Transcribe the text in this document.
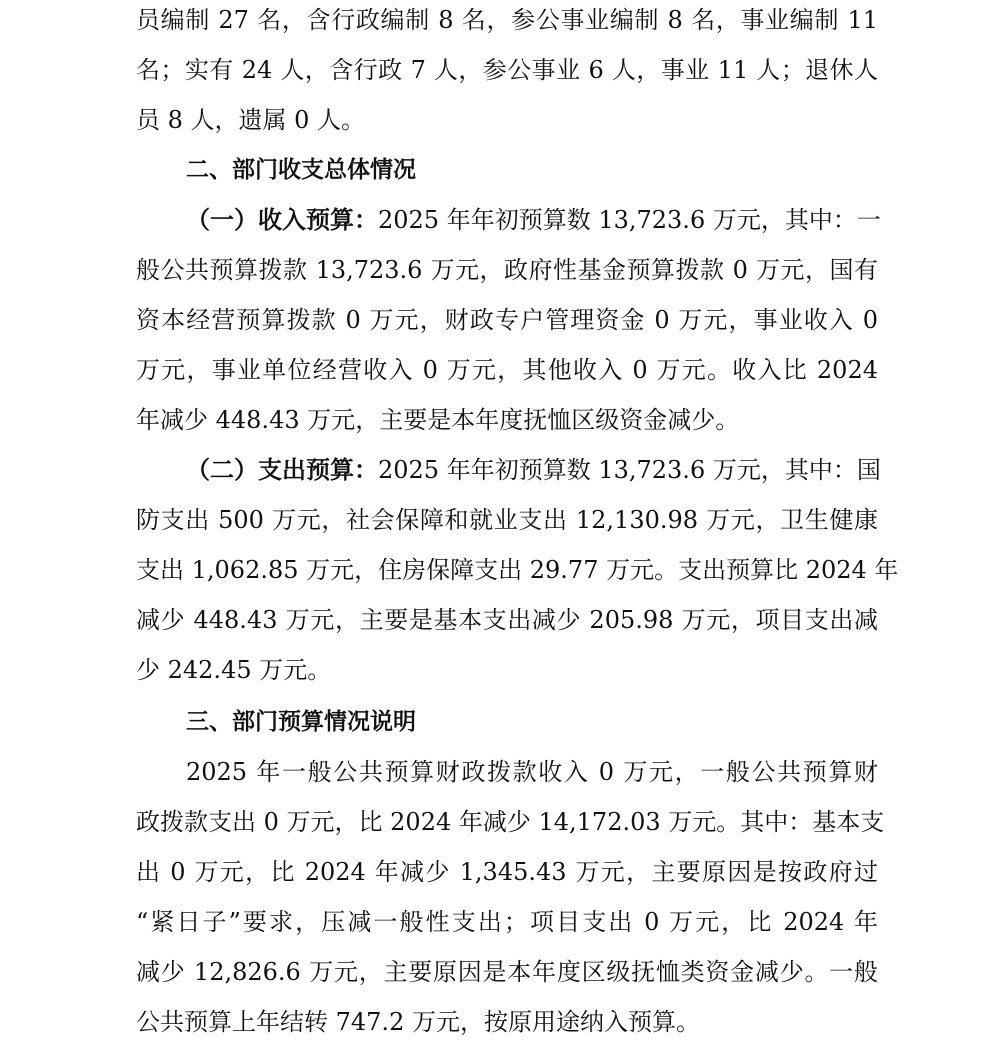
员编制 27 名，含行政编制 8 名，参公事业编制 8 名，事业编制 11
名；实有 24 人，含行政 7 人，参公事业 6 人，事业 11 人；退休人
员 8 人，遗属 0 人。
二、部门收支总体情况
（一）收入预算：2025 年年初预算数 13,723.6 万元，其中：一
般公共预算拨款 13,723.6 万元，政府性基金预算拨款 0 万元，国有
资本经营预算拨款 0 万元，财政专户管理资金 0 万元，事业收入 0
万元，事业单位经营收入 0 万元，其他收入 0 万元。收入比 2024
年减少 448.43 万元，主要是本年度抚恤区级资金减少。
（二）支出预算：2025 年年初预算数 13,723.6 万元，其中：国
防支出 500 万元，社会保障和就业支出 12,130.98 万元，卫生健康
支出 1,062.85 万元，住房保障支出 29.77 万元。支出预算比 2024 年
减少 448.43 万元，主要是基本支出减少 205.98 万元，项目支出减
少 242.45 万元。
三、部门预算情况说明
2025 年一般公共预算财政拨款收入 0 万元，一般公共预算财
政拨款支出 0 万元，比 2024 年减少 14,172.03 万元。其中：基本支
出 0 万元，比 2024 年减少 1,345.43 万元，主要原因是按政府过
“紧日子”要求，压减一般性支出；项目支出 0 万元，比 2024 年
减少 12,826.6 万元，主要原因是本年度区级抚恤类资金减少。一般
公共预算上年结转 747.2 万元，按原用途纳入预算。
